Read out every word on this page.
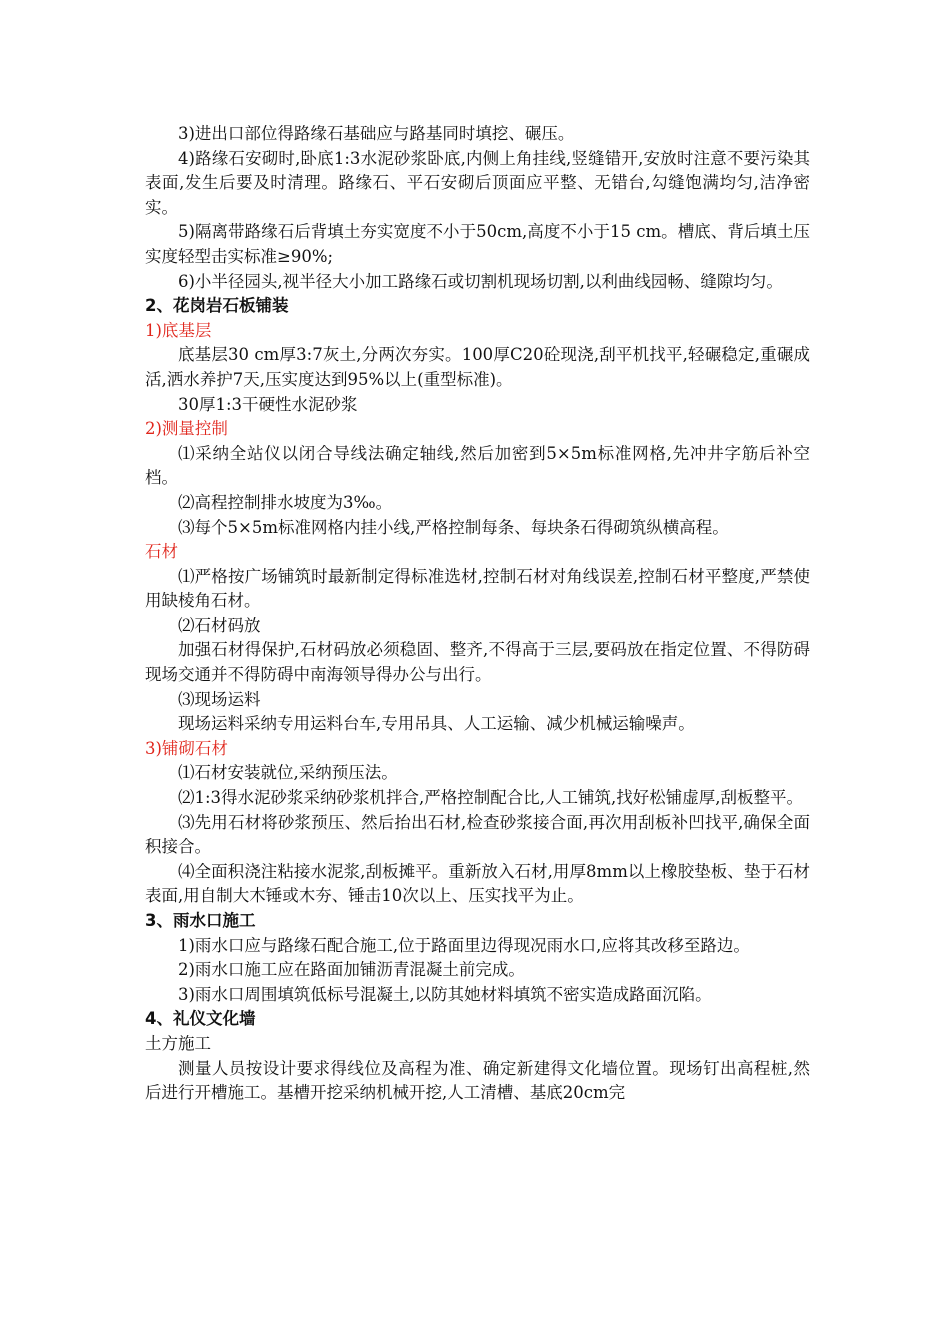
3)进出口部位得路缘石基础应与路基同时填挖、碾压。

4)路缘石安砌时,卧底1:3水泥砂浆卧底,内侧上角挂线,竖缝错开,安放时注意不要污染其表面,发生后要及时清理。路缘石、平石安砌后顶面应平整、无错台,勾缝饱满均匀,洁净密实。

5)隔离带路缘石后背填土夯实宽度不小于50cm,高度不小于15 cm。槽底、背后填土压实度轻型击实标准≥90%;

6)小半径园头,视半径大小加工路缘石或切割机现场切割,以利曲线园畅、缝隙均匀。

2、花岗岩石板铺装

1)底基层

底基层30 cm厚3:7灰土,分两次夯实。100厚C20砼现浇,刮平机找平,轻碾稳定,重碾成活,洒水养护7天,压实度达到95%以上(重型标准)。

30厚1:3干硬性水泥砂浆

2)测量控制

⑴采纳全站仪以闭合导线法确定轴线,然后加密到5×5m标准网格,先冲井字筋后补空档。

⑵高程控制排水坡度为3‰。

⑶每个5×5m标准网格内挂小线,严格控制每条、每块条石得砌筑纵横高程。

石材

⑴严格按广场铺筑时最新制定得标准选材,控制石材对角线误差,控制石材平整度,严禁使用缺棱角石材。

⑵石材码放

加强石材得保护,石材码放必须稳固、整齐,不得高于三层,要码放在指定位置、不得防碍现场交通并不得防碍中南海领导得办公与出行。

⑶现场运料

现场运料采纳专用运料台车,专用吊具、人工运输、减少机械运输噪声。

3)铺砌石材

⑴石材安装就位,采纳预压法。

⑵1:3得水泥砂浆采纳砂浆机拌合,严格控制配合比,人工铺筑,找好松铺虚厚,刮板整平。

⑶先用石材将砂浆预压、然后抬出石材,检查砂浆接合面,再次用刮板补凹找平,确保全面积接合。

⑷全面积浇注粘接水泥浆,刮板摊平。重新放入石材,用厚8mm以上橡胶垫板、垫于石材表面,用自制大木锤或木夯、锤击10次以上、压实找平为止。

3、雨水口施工

1)雨水口应与路缘石配合施工,位于路面里边得现况雨水口,应将其改移至路边。

2)雨水口施工应在路面加铺沥青混凝土前完成。

3)雨水口周围填筑低标号混凝土,以防其她材料填筑不密实造成路面沉陷。

4、礼仪文化墙

土方施工

测量人员按设计要求得线位及高程为准、确定新建得文化墙位置。现场钉出高程桩,然后进行开槽施工。基槽开挖采纳机械开挖,人工清槽、基底20cm完
